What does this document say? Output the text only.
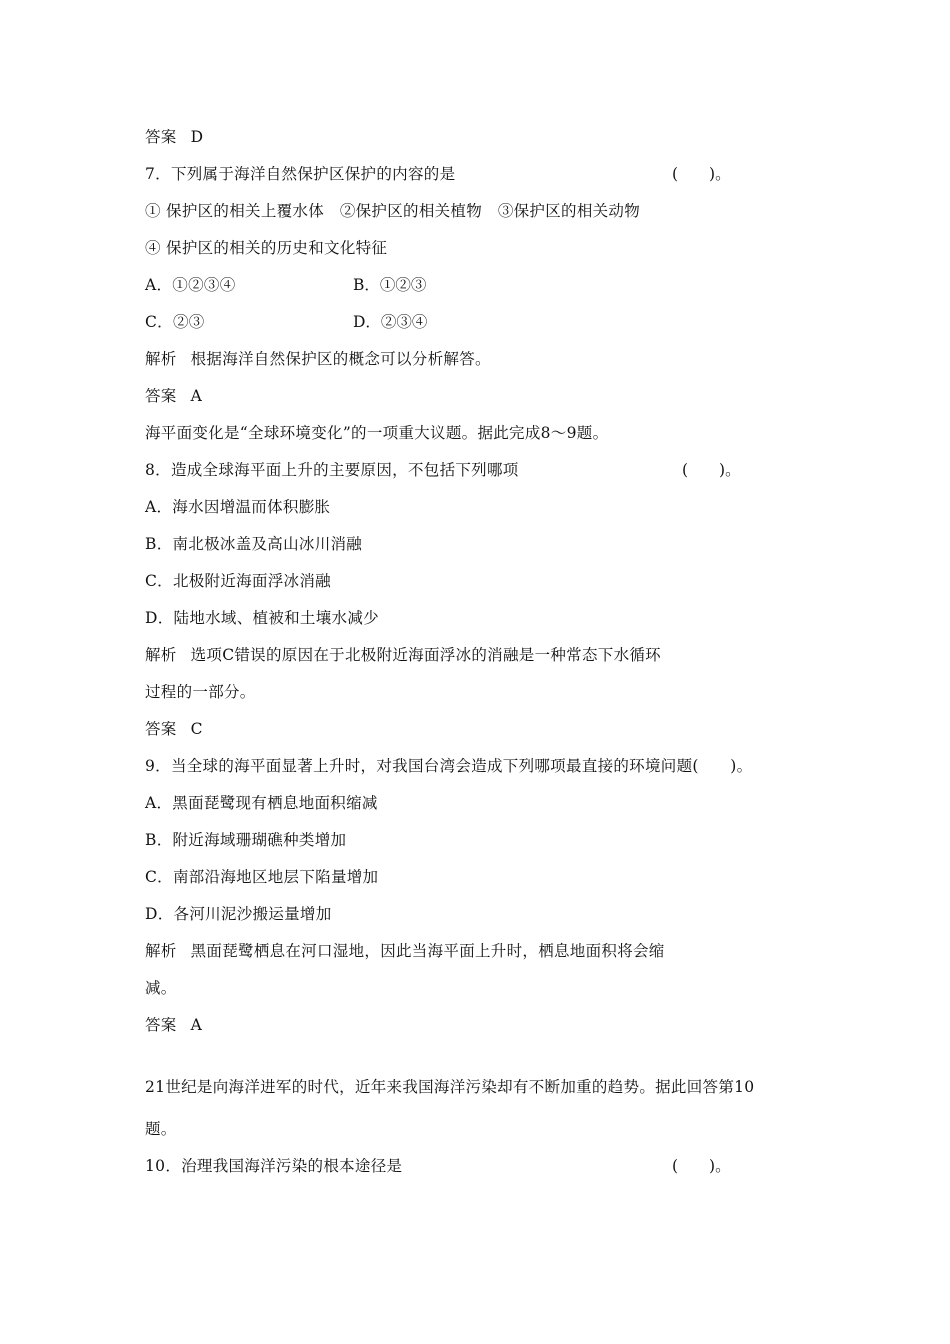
答案 D
7．下列属于海洋自然保护区保护的内容的是	(　　)。
① 保护区的相关上覆水体　②保护区的相关植物　③保护区的相关动物
④ 保护区的相关的历史和文化特征
A．①②③④	B．①②③
C．②③	D．②③④
解析 根据海洋自然保护区的概念可以分析解答。
答案 A
海平面变化是“全球环境变化”的一项重大议题。据此完成8～9题。
8．造成全球海平面上升的主要原因，不包括下列哪项	(　　)。
A．海水因增温而体积膨胀
B．南北极冰盖及高山冰川消融
C．北极附近海面浮冰消融
D．陆地水域、植被和土壤水减少
解析 选项C错误的原因在于北极附近海面浮冰的消融是一种常态下水循环
过程的一部分。
答案 C
9．当全球的海平面显著上升时，对我国台湾会造成下列哪项最直接的环境问题(　　)。
A．黑面琵鹭现有栖息地面积缩减
B．附近海域珊瑚礁种类增加
C．南部沿海地区地层下陷量增加
D．各河川泥沙搬运量增加
解析 黑面琵鹭栖息在河口湿地，因此当海平面上升时，栖息地面积将会缩
减。
答案 A
21世纪是向海洋进军的时代，近年来我国海洋污染却有不断加重的趋势。据此回答第10
题。
10．治理我国海洋污染的根本途径是	(　　)。
